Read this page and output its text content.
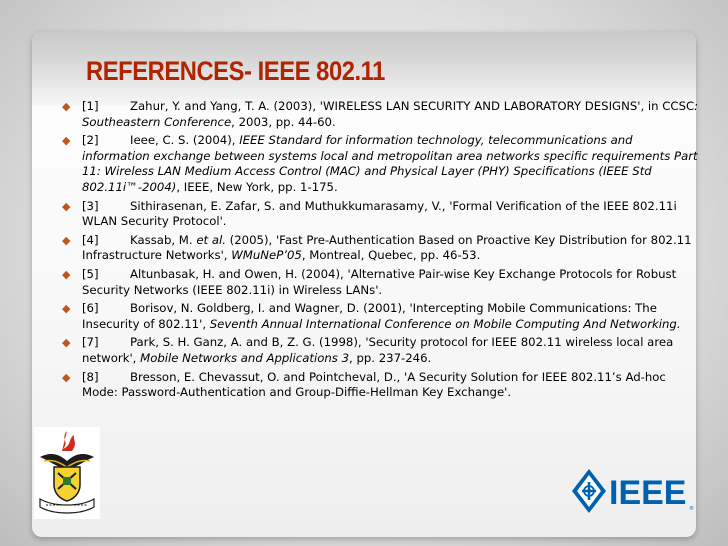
REFERENCES- IEEE 802.11
◆ [1]	Zahur, Y. and Yang, T. A. (2003), 'WIRELESS LAN SECURITY AND LABORATORY DESIGNS', in CCSC: Southeastern Conference, 2003, pp. 44-60.
◆ [2]	Ieee, C. S. (2004), IEEE Standard for information technology, telecommunications and information exchange between systems local and metropolitan area networks specific requirements Part 11: Wireless LAN Medium Access Control (MAC) and Physical Layer (PHY) Specifications (IEEE Std 802.11i™-2004), IEEE, New York, pp. 1-175.
◆ [3]	Sithirasenan, E. Zafar, S. and Muthukkumarasamy, V., 'Formal Verification of the IEEE 802.11i WLAN Security Protocol'.
◆ [4]	Kassab, M. et al. (2005), 'Fast Pre-Authentication Based on Proactive Key Distribution for 802.11 Infrastructure Networks', WMuNeP’05, Montreal, Quebec, pp. 46-53.
◆ [5]	Altunbasak, H. and Owen, H. (2004), 'Alternative Pair-wise Key Exchange Protocols for Robust Security Networks (IEEE 802.11i) in Wireless LANs'.
◆ [6]	Borisov, N. Goldberg, I. and Wagner, D. (2001), 'Intercepting Mobile Communications: The Insecurity of 802.11', Seventh Annual International Conference on Mobile Computing And Networking.
◆ [7]	Park, S. H. Ganz, A. and B, Z. G. (1998), 'Security protocol for IEEE 802.11 wireless local area network', Mobile Networks and Applications 3, pp. 237-246.
◆ [8]	Bresson, E. Chevassut, O. and Pointcheval, D., 'A Security Solution for IEEE 802.11’s Ad-hoc Mode: Password-Authentication and Group-Diffie-Hellman Key Exchange'.
IEEE ®
